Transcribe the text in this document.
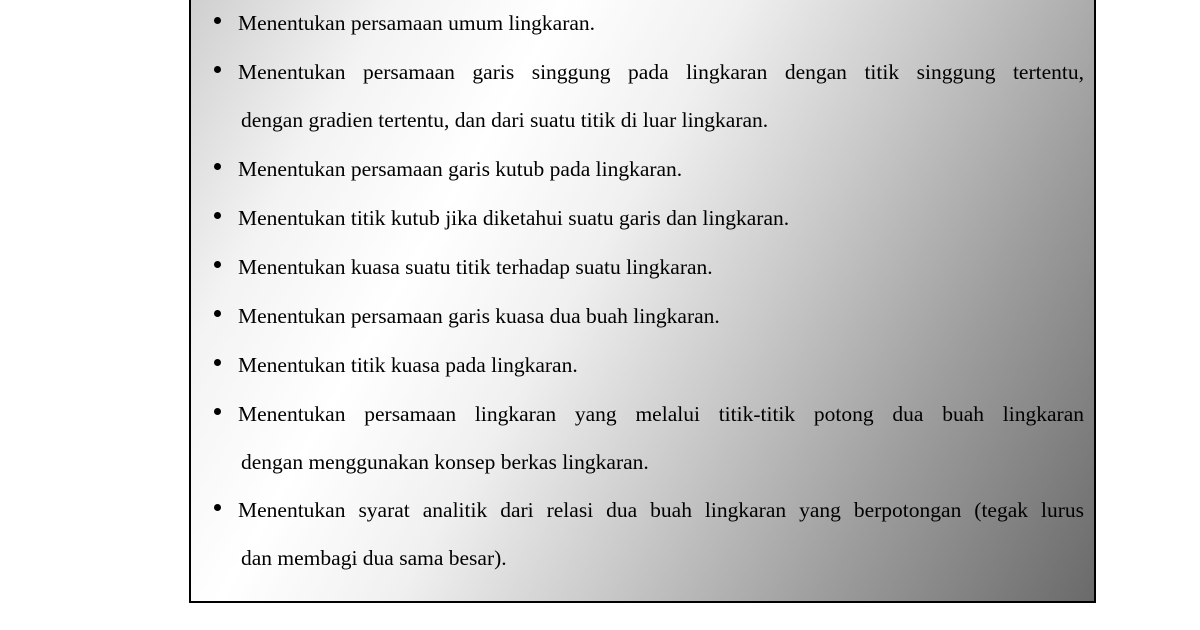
Menentukan persamaan umum lingkaran.
Menentukan persamaan garis singgung pada lingkaran dengan titik singgung tertentu,
dengan gradien tertentu, dan dari suatu titik di luar lingkaran.
Menentukan persamaan garis kutub pada lingkaran.
Menentukan titik kutub jika diketahui suatu garis dan lingkaran.
Menentukan kuasa suatu titik terhadap suatu lingkaran.
Menentukan persamaan garis kuasa dua buah lingkaran.
Menentukan titik kuasa pada lingkaran.
Menentukan persamaan lingkaran yang melalui titik-titik potong dua buah lingkaran
dengan menggunakan konsep berkas lingkaran.
Menentukan syarat analitik dari relasi dua buah lingkaran yang berpotongan (tegak lurus
dan membagi dua sama besar).
